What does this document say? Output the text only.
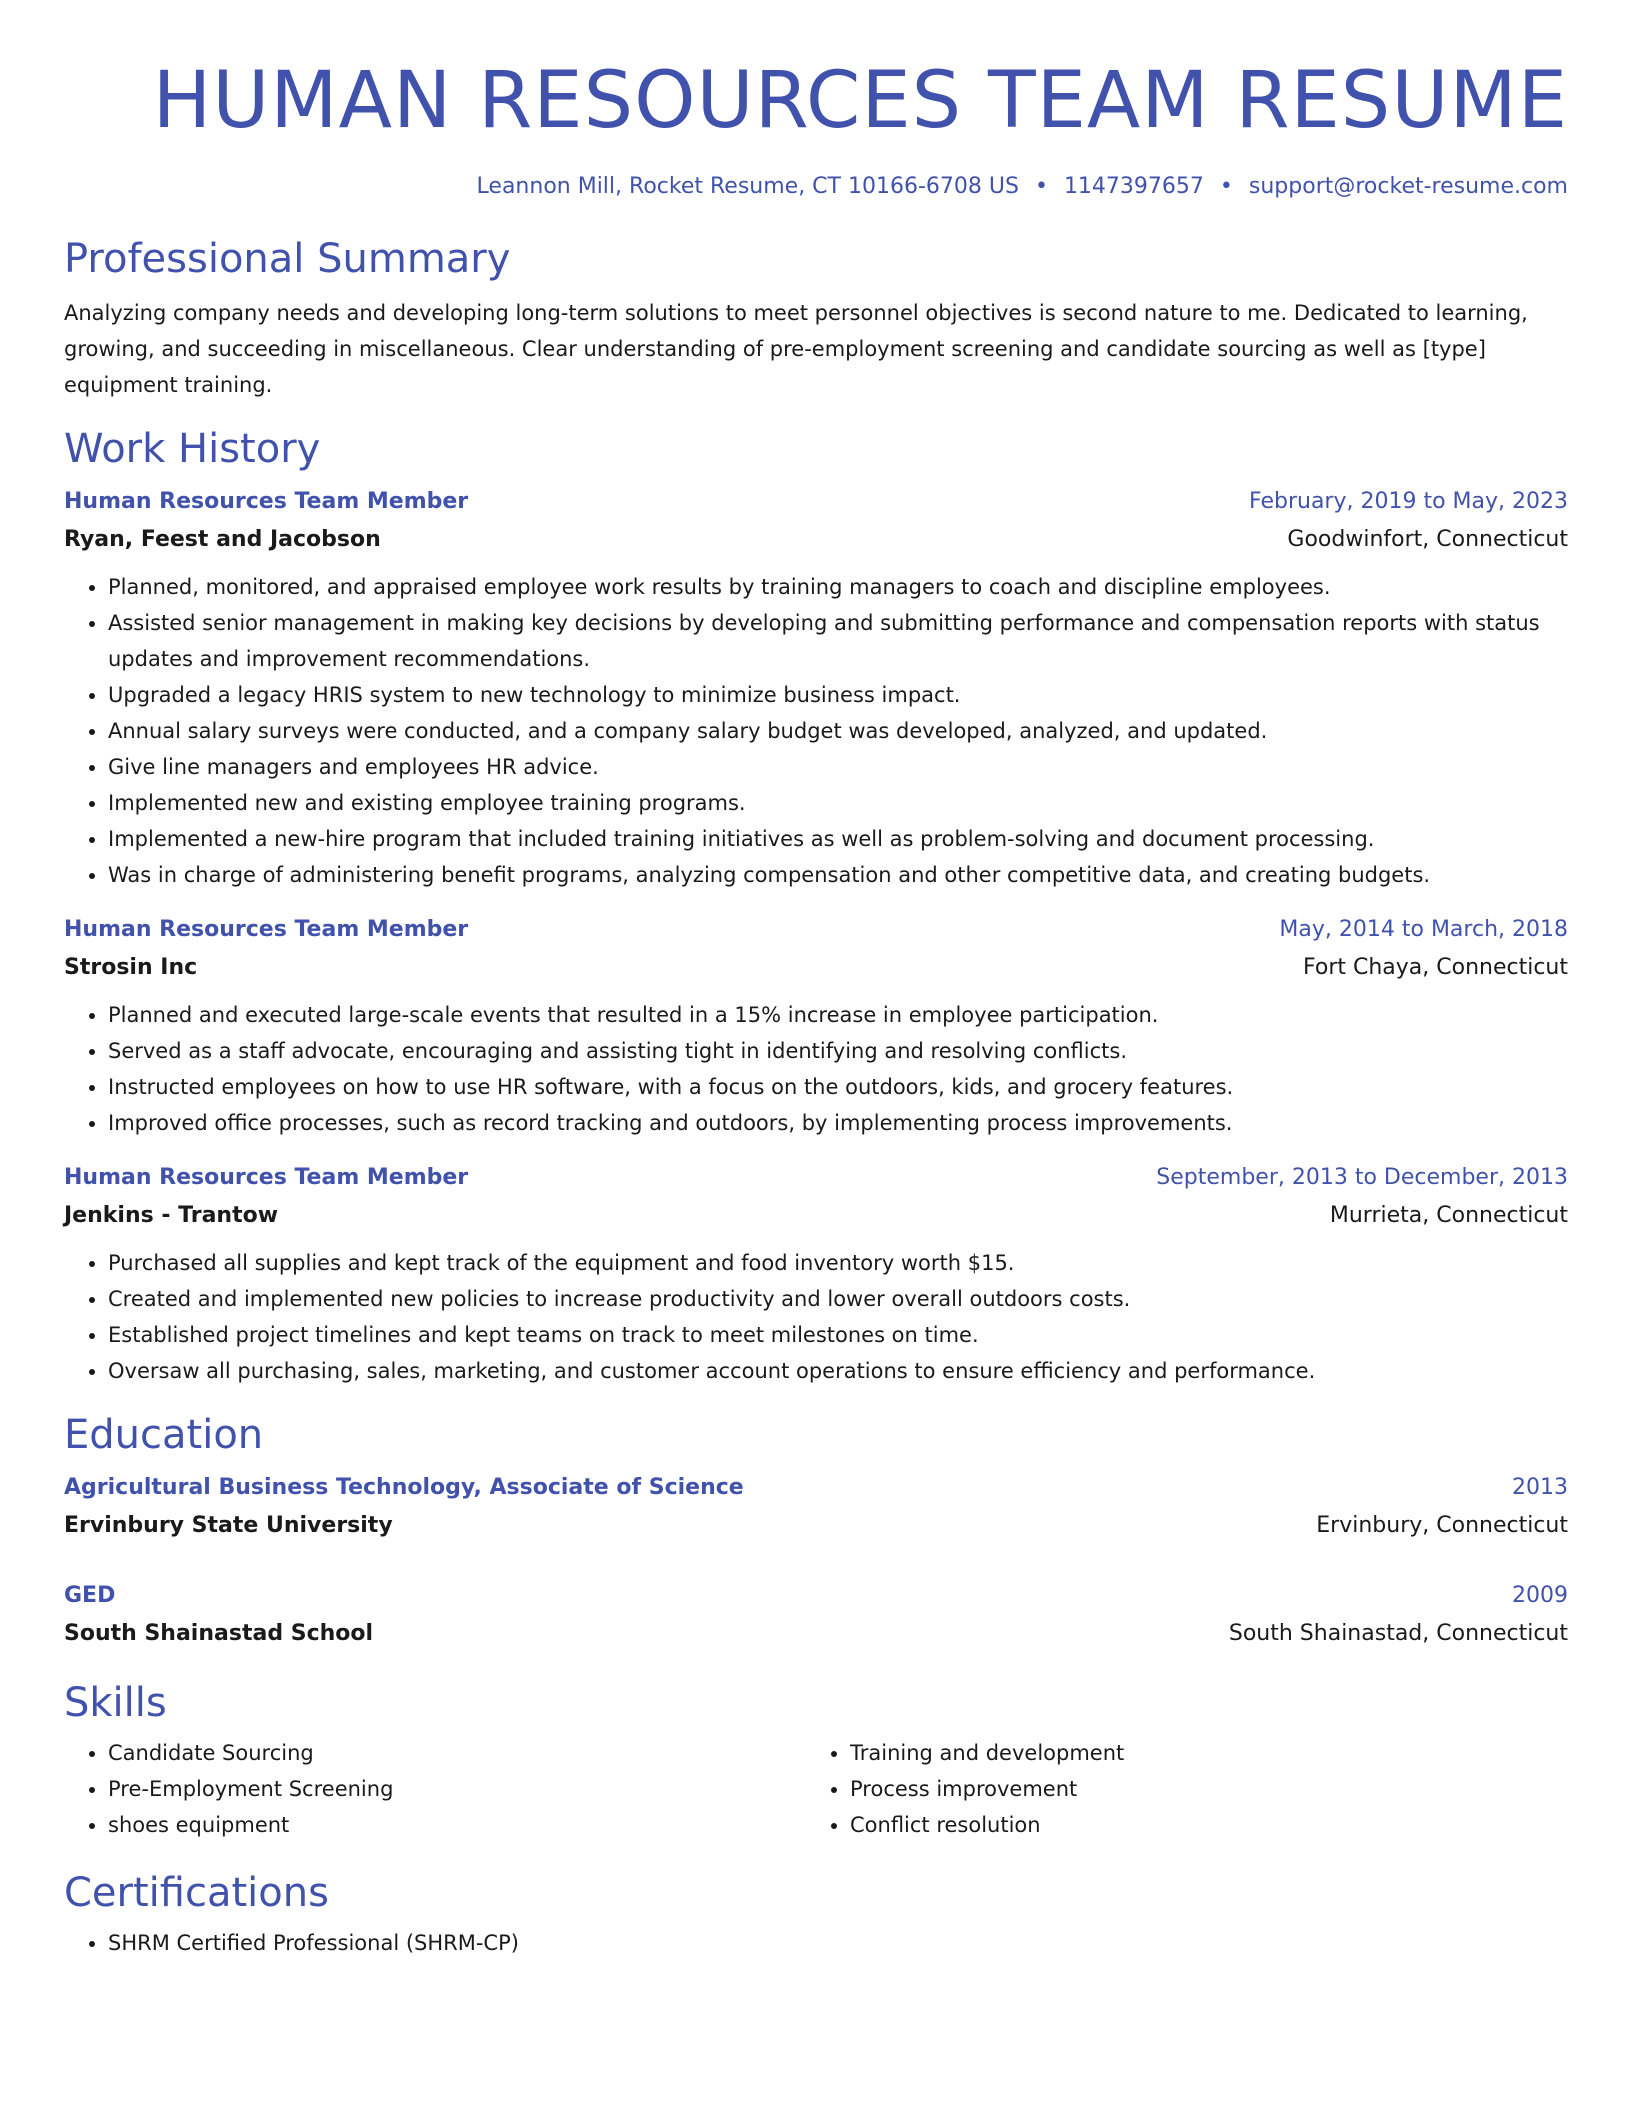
HUMAN RESOURCES TEAM RESUME
Leannon Mill, Rocket Resume, CT 10166-6708 US • 1147397657 • support@rocket-resume.com
Professional Summary
Analyzing company needs and developing long-term solutions to meet personnel objectives is second nature to me. Dedicated to learning, growing, and succeeding in miscellaneous. Clear understanding of pre-employment screening and candidate sourcing as well as [type] equipment training.
Work History
Human Resources Team Member	February, 2019 to May, 2023
Ryan, Feest and Jacobson	Goodwinfort, Connecticut
• Planned, monitored, and appraised employee work results by training managers to coach and discipline employees.
• Assisted senior management in making key decisions by developing and submitting performance and compensation reports with status updates and improvement recommendations.
• Upgraded a legacy HRIS system to new technology to minimize business impact.
• Annual salary surveys were conducted, and a company salary budget was developed, analyzed, and updated.
• Give line managers and employees HR advice.
• Implemented new and existing employee training programs.
• Implemented a new-hire program that included training initiatives as well as problem-solving and document processing.
• Was in charge of administering benefit programs, analyzing compensation and other competitive data, and creating budgets.
Human Resources Team Member	May, 2014 to March, 2018
Strosin Inc	Fort Chaya, Connecticut
• Planned and executed large-scale events that resulted in a 15% increase in employee participation.
• Served as a staff advocate, encouraging and assisting tight in identifying and resolving conflicts.
• Instructed employees on how to use HR software, with a focus on the outdoors, kids, and grocery features.
• Improved office processes, such as record tracking and outdoors, by implementing process improvements.
Human Resources Team Member	September, 2013 to December, 2013
Jenkins - Trantow	Murrieta, Connecticut
• Purchased all supplies and kept track of the equipment and food inventory worth $15.
• Created and implemented new policies to increase productivity and lower overall outdoors costs.
• Established project timelines and kept teams on track to meet milestones on time.
• Oversaw all purchasing, sales, marketing, and customer account operations to ensure efficiency and performance.
Education
Agricultural Business Technology, Associate of Science	2013
Ervinbury State University	Ervinbury, Connecticut
GED	2009
South Shainastad School	South Shainastad, Connecticut
Skills
• Candidate Sourcing
• Pre-Employment Screening
• shoes equipment
• Training and development
• Process improvement
• Conflict resolution
Certifications
• SHRM Certified Professional (SHRM-CP)
